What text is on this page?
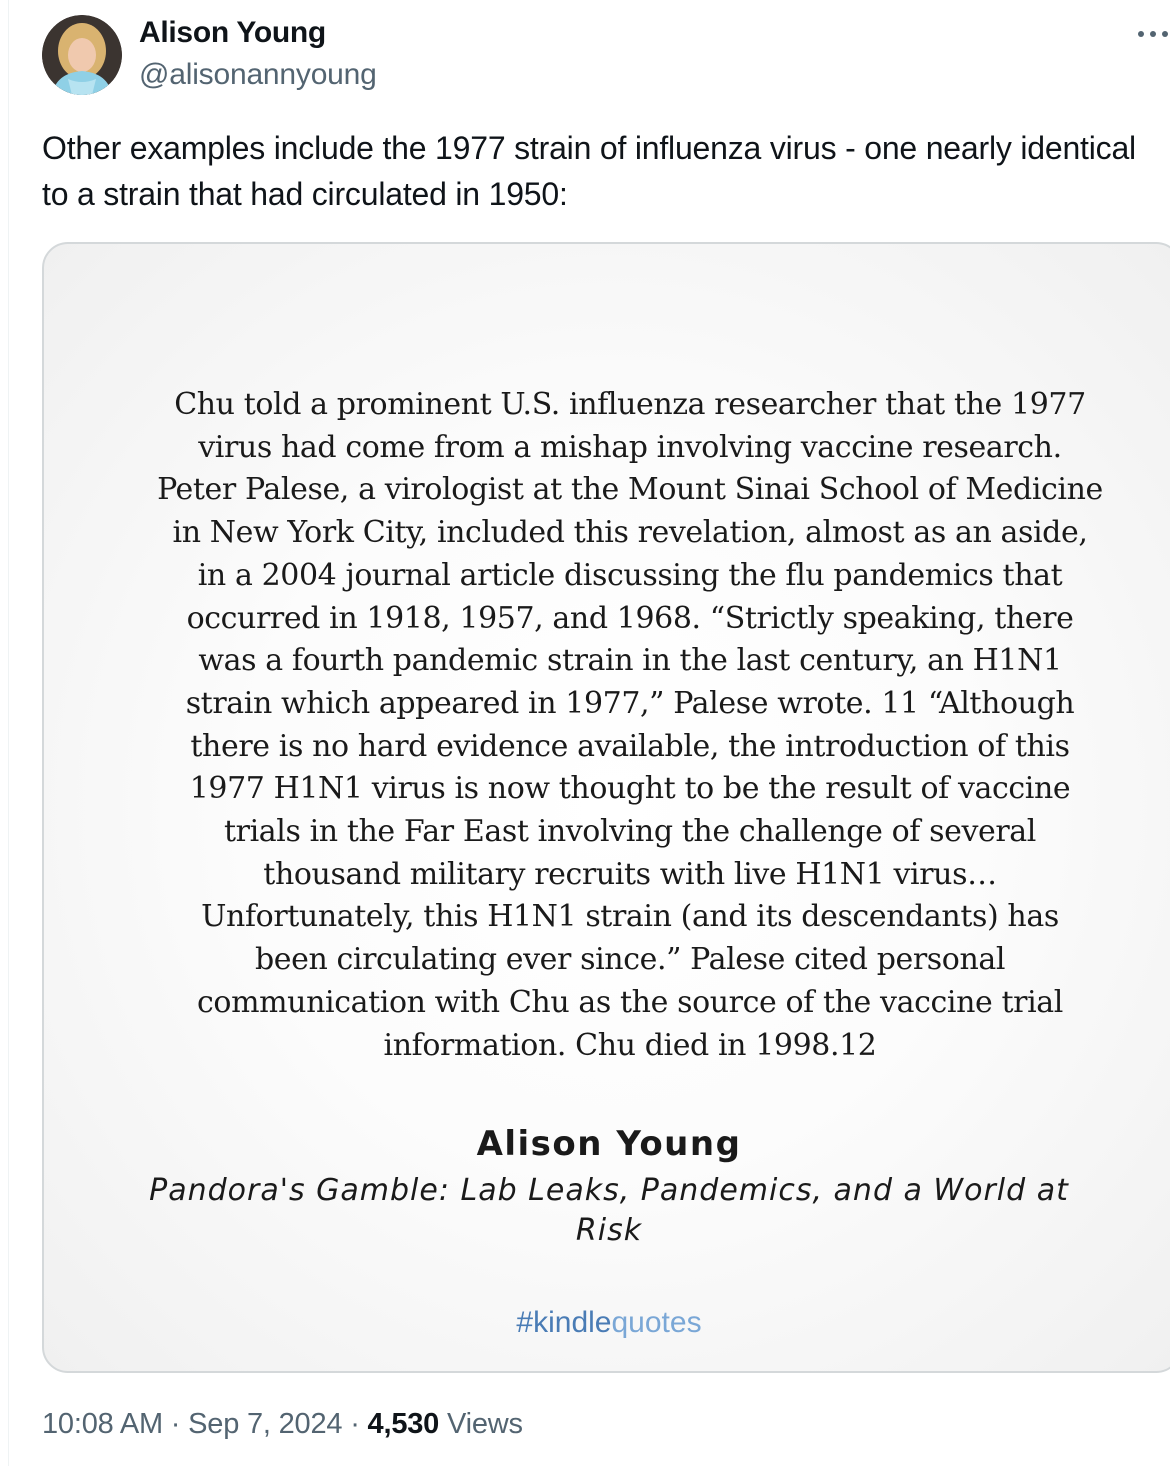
Alison Young
@alisonannyoung
Other examples include the 1977 strain of influenza virus - one nearly identical to a strain that had circulated in 1950:
Chu told a prominent U.S. influenza researcher that the 1977
virus had come from a mishap involving vaccine research.
Peter Palese, a virologist at the Mount Sinai School of Medicine
in New York City, included this revelation, almost as an aside,
in a 2004 journal article discussing the flu pandemics that
occurred in 1918, 1957, and 1968. “Strictly speaking, there
was a fourth pandemic strain in the last century, an H1N1
strain which appeared in 1977,” Palese wrote. 11 “Although
there is no hard evidence available, the introduction of this
1977 H1N1 virus is now thought to be the result of vaccine
trials in the Far East involving the challenge of several
thousand military recruits with live H1N1 virus…
Unfortunately, this H1N1 strain (and its descendants) has
been circulating ever since.” Palese cited personal
communication with Chu as the source of the vaccine trial
information. Chu died in 1998.12
Alison Young
Pandora's Gamble: Lab Leaks, Pandemics, and a World at Risk
#kindlequotes
10:08 AM · Sep 7, 2024 · 4,530 Views
